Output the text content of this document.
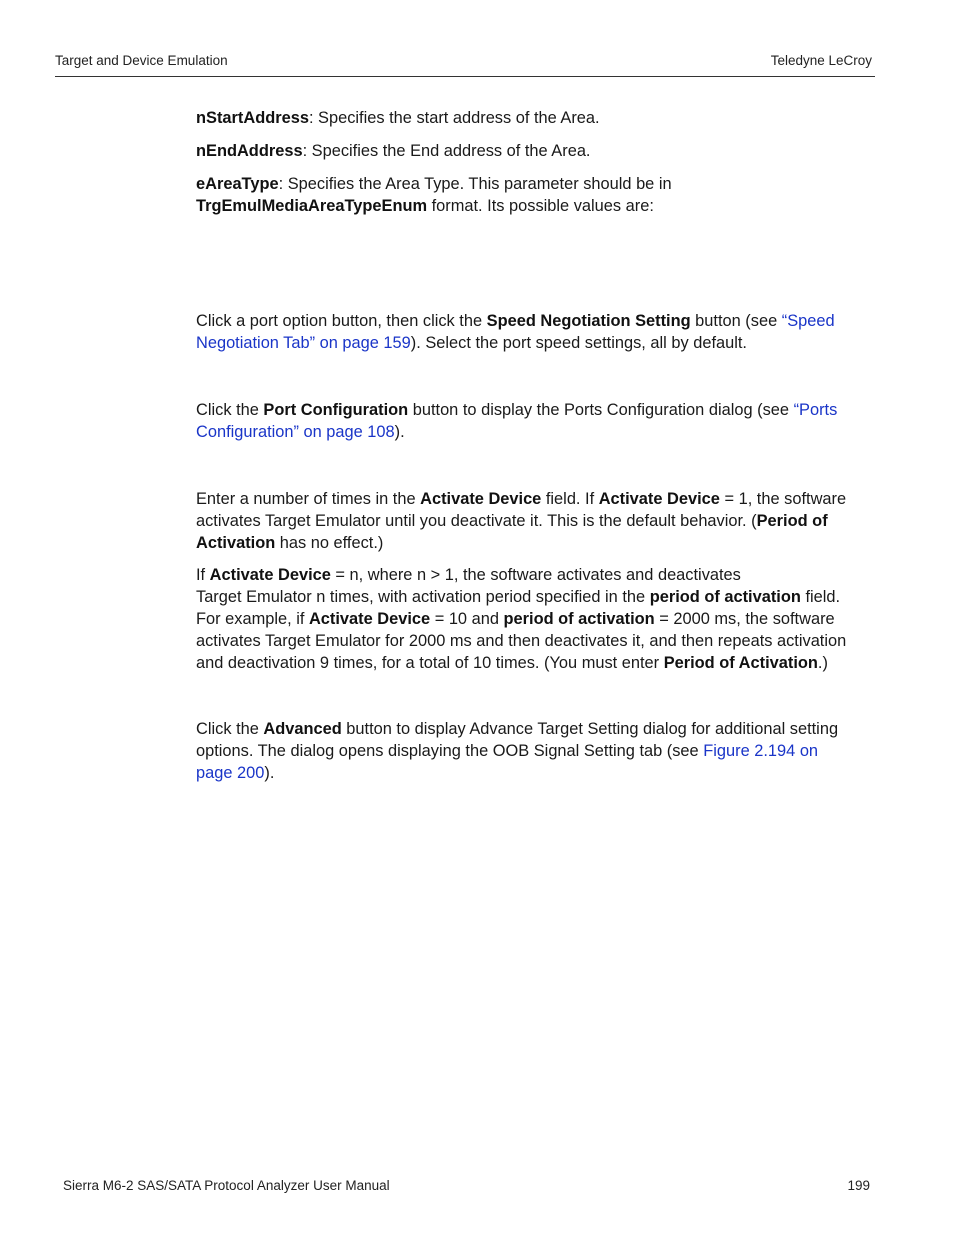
Target and Device Emulation	Teledyne LeCroy
nStartAddress: Specifies the start address of the Area.
nEndAddress: Specifies the End address of the Area.
eAreaType: Specifies the Area Type. This parameter should be in
TrgEmulMediaAreaTypeEnum format. Its possible values are:
Click a port option button, then click the Speed Negotiation Setting button (see “Speed
Negotiation Tab” on page 159). Select the port speed settings, all by default.
Click the Port Configuration button to display the Ports Configuration dialog (see “Ports
Configuration” on page 108).
Enter a number of times in the Activate Device field. If Activate Device = 1, the software
activates Target Emulator until you deactivate it. This is the default behavior. (Period of
Activation has no effect.)
If Activate Device = n, where n > 1, the software activates and deactivates
Target Emulator n times, with activation period specified in the period of activation field.
For example, if Activate Device = 10 and period of activation = 2000 ms, the software
activates Target Emulator for 2000 ms and then deactivates it, and then repeats activation
and deactivation 9 times, for a total of 10 times. (You must enter Period of Activation.)
Click the Advanced button to display Advance Target Setting dialog for additional setting
options. The dialog opens displaying the OOB Signal Setting tab (see Figure 2.194 on
page 200).
Sierra M6-2 SAS/SATA Protocol Analyzer User Manual	199
